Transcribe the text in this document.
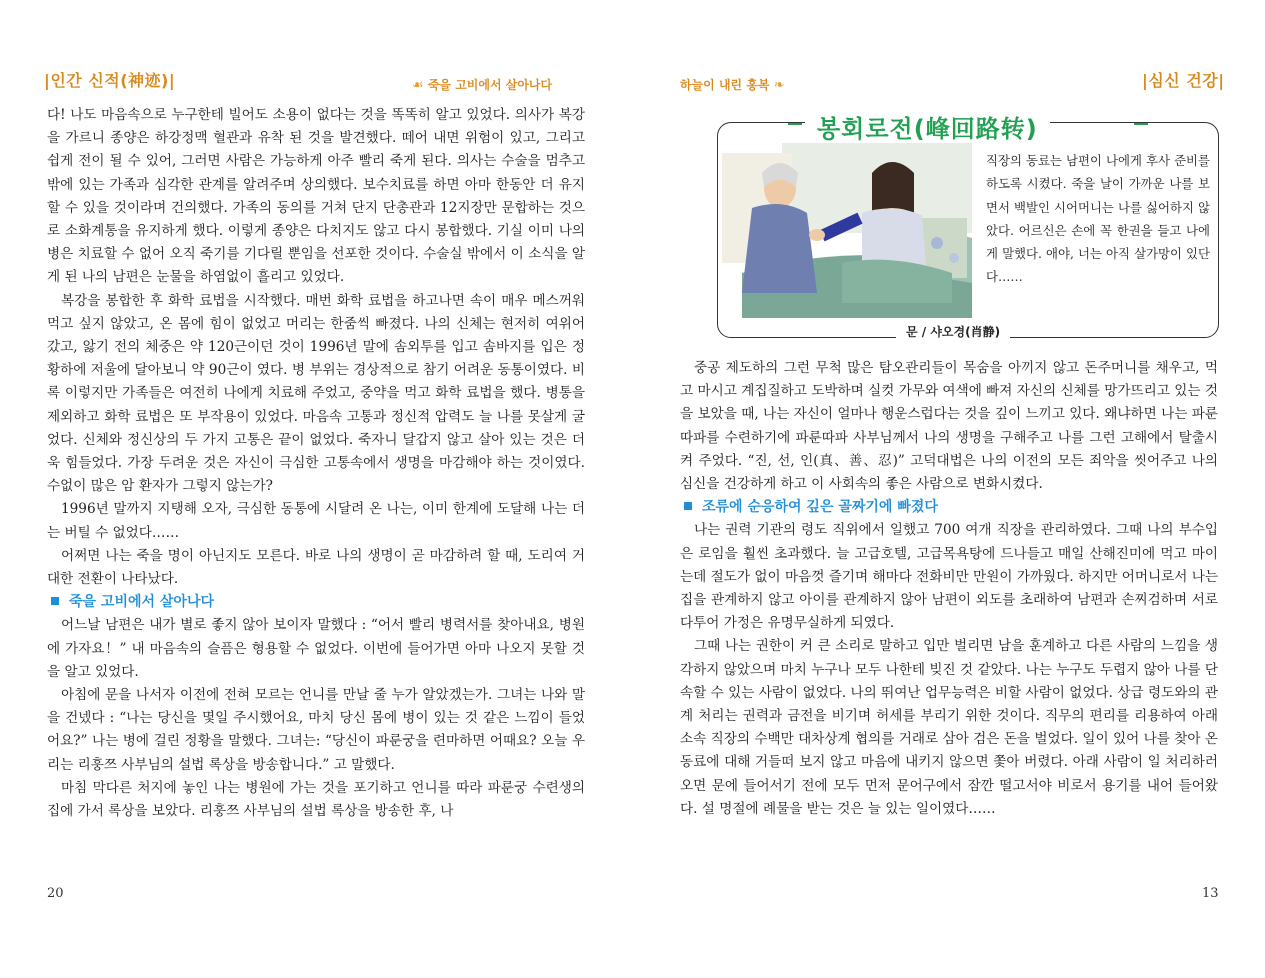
|인간 신적(神迹)|	☙ 죽을 고비에서 살아나다

다! 나도 마음속으로 누구한테 빌어도 소용이 없다는 것을 똑똑히 알고 있었다. 의사가 복강을 가르니 종양은 하강정맥 혈관과 유착 된 것을 발견했다. 떼어 내면 위험이 있고, 그리고 쉽게 전이 될 수 있어, 그러면 사람은 가능하게 아주 빨리 죽게 된다. 의사는 수술을 멈추고 밖에 있는 가족과 심각한 관계를 알려주며 상의했다. 보수치료를 하면 아마 한동안 더 유지할 수 있을 것이라며 건의했다. 가족의 동의를 거쳐 단지 단총관과 12지장만 문합하는 것으로 소화계통을 유지하게 했다. 이렇게 종양은 다치지도 않고 다시 봉합했다. 기실 이미 나의 병은 치료할 수 없어 오직 죽기를 기다릴 뿐임을 선포한 것이다. 수술실 밖에서 이 소식을 알게 된 나의 남편은 눈물을 하염없이 흘리고 있었다.

복강을 봉합한 후 화학 료법을 시작했다. 매번 화학 료법을 하고나면 속이 매우 메스꺼워 먹고 싶지 않았고, 온 몸에 힘이 없었고 머리는 한줌씩 빠졌다. 나의 신체는 현저히 여위어 갔고, 앓기 전의 체중은 약 120근이던 것이 1996년 말에 솜외투를 입고 솜바지를 입은 정황하에 저울에 달아보니 약 90근이 였다. 병 부위는 경상적으로 참기 어려운 동통이였다. 비록 이렇지만 가족들은 여전히 나에게 치료해 주었고, 중약을 먹고 화학 료법을 했다. 병통을 제외하고 화학 료법은 또 부작용이 있었다. 마음속 고통과 정신적 압력도 늘 나를 못살게 굴었다. 신체와 정신상의 두 가지 고통은 끝이 없었다. 죽자니 달갑지 않고 살아 있는 것은 더욱 힘들었다. 가장 두려운 것은 자신이 극심한 고통속에서 생명을 마감해야 하는 것이였다. 수없이 많은 암 환자가 그렇지 않는가?

1996년 말까지 지탱해 오자, 극심한 동통에 시달려 온 나는, 이미 한계에 도달해 나는 더는 버틸 수 없었다……

어쩌면 나는 죽을 명이 아닌지도 모른다. 바로 나의 생명이 곧 마감하려 할 때, 도리여 거대한 전환이 나타났다.

죽을 고비에서 살아나다

어느날 남편은 내가 별로 좋지 않아 보이자 말했다 : “어서 빨리 병력서를 찾아내요, 병원에 가자요！” 내 마음속의 슬픔은 형용할 수 없었다. 이번에 들어가면 아마 나오지 못할 것을 알고 있었다.

아침에 문을 나서자 이전에 전혀 모르는 언니를 만날 줄 누가 알았겠는가. 그녀는 나와 말을 건넸다 : “나는 당신을 몇일 주시했어요, 마치 당신 몸에 병이 있는 것 같은 느낌이 들었어요?” 나는 병에 걸린 정황을 말했다. 그녀는: “당신이 파룬궁을 련마하면 어때요? 오늘 우리는 리훙쯔 사부님의 설법 록상을 방송합니다.” 고 말했다.

마침 막다른 처지에 놓인 나는 병원에 가는 것을 포기하고 언니를 따라 파룬궁 수련생의 집에 가서 록상을 보았다. 리훙쯔 사부님의 설법 록상을 방송한 후, 나

20
하늘이 내린 홍복 ❧	|심신 건강|
봉회로전(峰回路转)

직장의 동료는 남편이 나에게 후사 준비를 하도록 시켰다. 죽을 날이 가까운 나를 보면서 백발인 시어머니는 나를 싫어하지 않았다. 어르신은 손에 꼭 한권을 들고 나에게 말했다. 애야, 너는 아직 살가망이 있단다……

문 / 샤오경(肖静)

중공 제도하의 그런 무척 많은 탐오관리들이 목숨을 아끼지 않고 돈주머니를 채우고, 먹고 마시고 계집질하고 도박하며 실컷 가무와 여색에 빠져 자신의 신체를 망가뜨리고 있는 것을 보았을 때, 나는 자신이 얼마나 행운스럽다는 것을 깊이 느끼고 있다. 왜냐하면 나는 파룬따파를 수련하기에 파룬따파 사부님께서 나의 생명을 구해주고 나를 그런 고해에서 탈출시켜 주었다. “진, 선, 인(真、善、忍)” 고덕대법은 나의 이전의 모든 죄악을 씻어주고 나의 심신을 건강하게 하고 이 사회속의 좋은 사람으로 변화시켰다.

조류에 순응하여 깊은 골짜기에 빠졌다

나는 권력 기관의 령도 직위에서 일했고 700 여개 직장을 관리하였다. 그때 나의 부수입은 로임을 훨씬 초과했다. 늘 고급호텔, 고급목욕탕에 드나들고 매일 산해진미에 먹고 마이는데 절도가 없이 마음껏 즐기며 해마다 전화비만 만원이 가까웠다. 하지만 어머니로서 나는 집을 관계하지 않고 아이를 관계하지 않아 남편이 외도를 초래하여 남편과 손찌검하며 서로 다투어 가정은 유명무실하게 되였다.

그때 나는 권한이 커 큰 소리로 말하고 입만 벌리면 남을 훈계하고 다른 사람의 느낌을 생각하지 않았으며 마치 누구나 모두 나한테 빚진 것 같았다. 나는 누구도 두렵지 않아 나를 단속할 수 있는 사람이 없었다. 나의 뛰여난 업무능력은 비할 사람이 없었다. 상급 령도와의 관계 처리는 권력과 금전을 비기며 허세를 부리기 위한 것이다. 직무의 편리를 리용하여 아래 소속 직장의 수백만 대차상계 협의를 거래로 삼아 검은 돈을 벌었다. 일이 있어 나를 찾아 온 동료에 대해 거들떠 보지 않고 마음에 내키지 않으면 쫓아 버렸다. 아래 사람이 일 처리하러 오면 문에 들어서기 전에 모두 먼저 문어구에서 잠깐 떨고서야 비로서 용기를 내어 들어왔다. 설 명절에 례물을 받는 것은 늘 있는 일이였다……

13
